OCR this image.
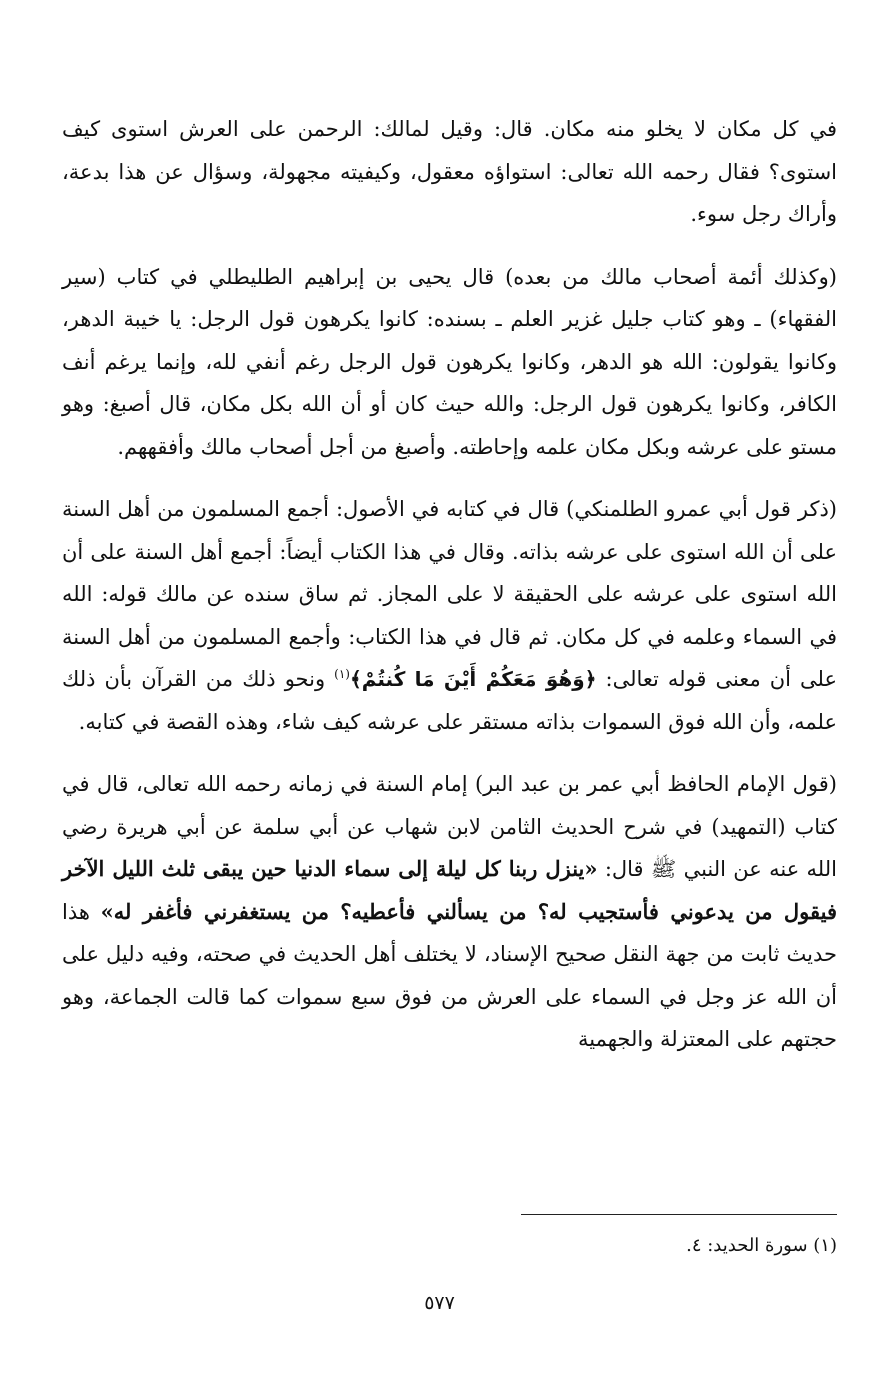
في كل مكان لا يخلو منه مكان. قال: وقيل لمالك: الرحمن على العرش استوى كيف استوى؟ فقال رحمه الله تعالى: استواؤه معقول، وكيفيته مجهولة، وسؤال عن هذا بدعة، وأراك رجل سوء.

(وكذلك أئمة أصحاب مالك من بعده) قال يحيى بن إبراهيم الطليطلي في كتاب (سير الفقهاء) ـ وهو كتاب جليل غزير العلم ـ بسنده: كانوا يكرهون قول الرجل: يا خيبة الدهر، وكانوا يقولون: الله هو الدهر، وكانوا يكرهون قول الرجل رغم أنفي لله، وإنما يرغم أنف الكافر، وكانوا يكرهون قول الرجل: والله حيث كان أو أن الله بكل مكان، قال أصبغ: وهو مستو على عرشه وبكل مكان علمه وإحاطته. وأصبغ من أجل أصحاب مالك وأفقههم.

(ذكر قول أبي عمرو الطلمنكي) قال في كتابه في الأصول: أجمع المسلمون من أهل السنة على أن الله استوى على عرشه بذاته. وقال في هذا الكتاب أيضاً: أجمع أهل السنة على أن الله استوى على عرشه على الحقيقة لا على المجاز. ثم ساق سنده عن مالك قوله: الله في السماء وعلمه في كل مكان. ثم قال في هذا الكتاب: وأجمع المسلمون من أهل السنة على أن معنى قوله تعالى: ﴿وَهُوَ مَعَكُمْ أَيْنَ مَا كُنتُمْ﴾$^{(١)}$ ونحو ذلك من القرآن بأن ذلك علمه، وأن الله فوق السموات بذاته مستقر على عرشه كيف شاء، وهذه القصة في كتابه.

(قول الإمام الحافظ أبي عمر بن عبد البر) إمام السنة في زمانه رحمه الله تعالى، قال في كتاب (التمهيد) في شرح الحديث الثامن لابن شهاب عن أبي سلمة عن أبي هريرة رضي الله عنه عن النبي ﷺ قال: «ينزل ربنا كل ليلة إلى سماء الدنيا حين يبقى ثلث الليل الآخر فيقول من يدعوني فأستجيب له؟ من يسألني فأعطيه؟ من يستغفرني فأغفر له» هذا حديث ثابت من جهة النقل صحيح الإسناد، لا يختلف أهل الحديث في صحته، وفيه دليل على أن الله عز وجل في السماء على العرش من فوق سبع سموات كما قالت الجماعة، وهو حجتهم على المعتزلة والجهمية

(١) سورة الحديد: ٤.
٥٧٧
